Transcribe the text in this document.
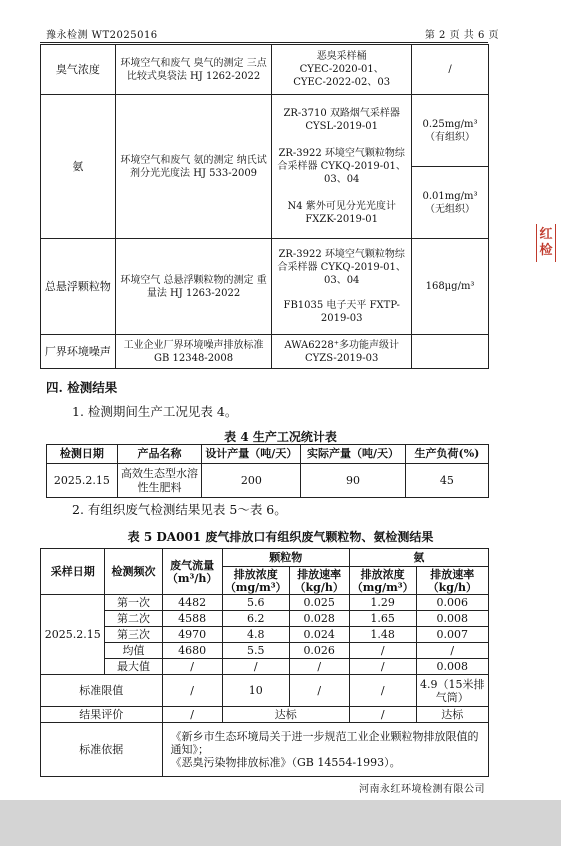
豫永检测 WT2025016	第 2 页 共 6 页
臭气浓度	环境空气和废气 臭气的测定 三点比较式臭袋法 HJ 1262-2022	恶臭采样桶
CYEC-2020-01、
CYEC-2022-02、03	/
氨	环境空气和废气 氨的测定 纳氏试剂分光光度法 HJ 533-2009	ZR-3710 双路烟气采样器 CYSL-2019-01
ZR-3922 环境空气颗粒物综合采样器 CYKQ-2019-01、03、04
N4 紫外可见分光光度计 FXZK-2019-01	0.25mg/m³（有组织）
			0.01mg/m³（无组织）
总悬浮颗粒物	环境空气 总悬浮颗粒物的测定 重量法 HJ 1263-2022	ZR-3922 环境空气颗粒物综合采样器 CYKQ-2019-01、03、04
FB1035 电子天平 FXTP-2019-03	168μg/m³
厂界环境噪声	工业企业厂界环境噪声排放标准 GB 12348-2008	AWA6228⁺多功能声级计 CYZS-2019-03	
四. 检测结果
1. 检测期间生产工况见表 4。
表 4 生产工况统计表
检测日期	产品名称	设计产量（吨/天）	实际产量（吨/天）	生产负荷(%)
2025.2.15	高效生态型水溶性生肥料	200	90	45
2. 有组织废气检测结果见表 5～表 6。
表 5 DA001 废气排放口有组织废气颗粒物、氨检测结果
采样日期	检测频次	废气流量（m³/h）	颗粒物		氨	
			排放浓度（mg/m³）	排放速率（kg/h）	排放浓度（mg/m³）	排放速率（kg/h）
2025.2.15	第一次	4482	5.6	0.025	1.29	0.006
	第二次	4588	6.2	0.028	1.65	0.008
	第三次	4970	4.8	0.024	1.48	0.007
	均值	4680	5.5	0.026	/	/
	最大值	/	/	/	/	0.008
标准限值		/	10	/	/	4.9（15米排气筒）
结果评价		/	达标		/	达标
标准依据		《新乡市生态环境局关于进一步规范工业企业颗粒物排放限值的通知》；
《恶臭污染物排放标准》（GB 14554-1993）。				
河南永红环境检测有限公司
红 检
